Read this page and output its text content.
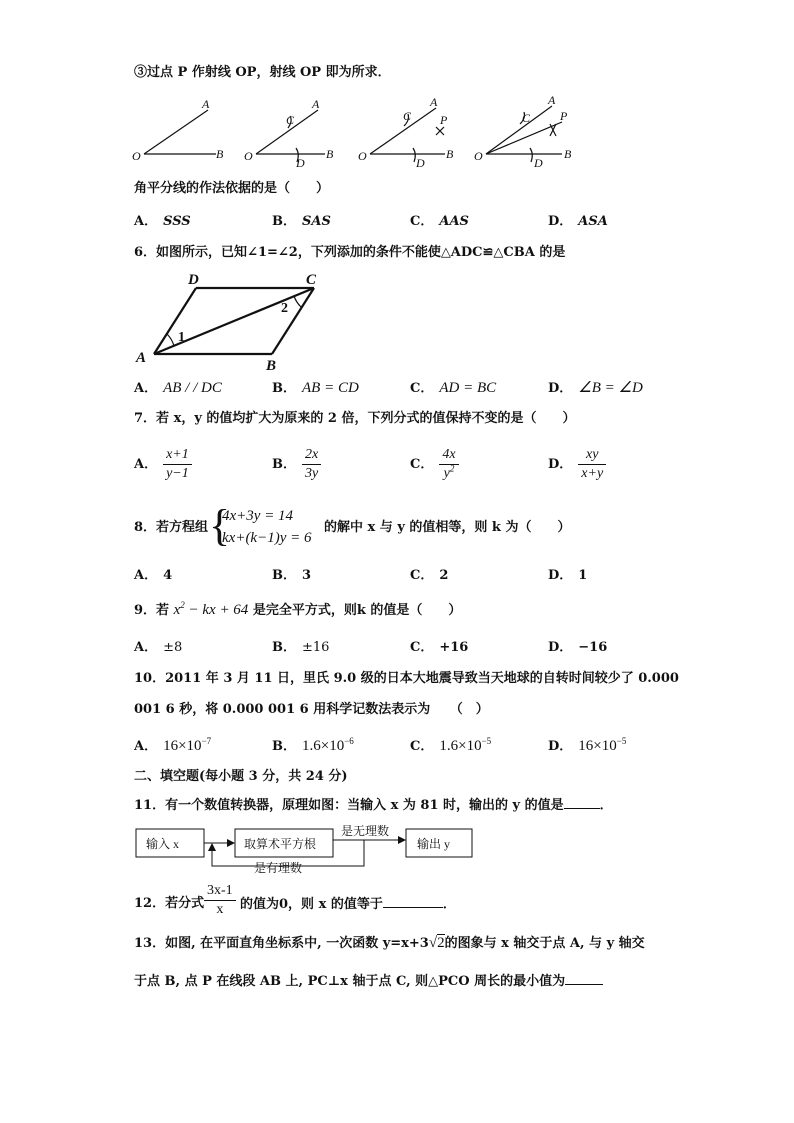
③过点 P 作射线 OP，射线 OP 即为所求．
O
A
B O
A
B
C
D	O
A
B
C
D
P
O
A
B
C
D
P
角平分线的作法依据的是（　　）
A． SSS	B． SAS	C． AAS	D． ASA
6．如图所示，已知∠1=∠2，下列添加的条件不能使△ADC≌△CBA 的是
A	B
C
D
1
2
A． AB / / DC	B． AB = CD	C． AD = BC	D． ∠B = ∠D
7．若 x，y 的值均扩大为原来的 2 倍，下列分式的值保持不变的是（　　）
A． $\frac{x+1}{y-1}$	B． $\frac{2x}{3y}$	C． $\frac{4x}{y^2}$	D． $\frac{xy}{x+y}$
8．若方程组 {
4x+3y = 14
kx+(k−1)y = 6
的解中 x 与 y 的值相等，则 k 为（　　）
A． 4	B． 3	C． 2	D． 1
9．若 $x^2$ − kx + 64 是完全平方式，则k 的值是（　　）
A． ±8	B． ±16	C． +16	D． −16
10．2011 年 3 月 11 日，里氏 9.0 级的日本大地震导致当天地球的自转时间较少了 0.000
001 6 秒，将 0.000 001 6 用科学记数法表示为　　（　）
A． $16\times 10^{-7}$	B． $1.6\times 10^{-6}$	C． $1.6\times 10^{-5}$	D． $16\times 10^{-5}$
二、填空题(每小题 3 分，共 24 分)
11．有一个数值转换器，原理如图：当输入 x 为 81 时，输出的 y 的值是	．
输入 x	取算术平方根
是无理数
输出 y
是有理数
12．若分式 $\frac{3x-1}{x}$ 的值为0，则 x 的值等于	．
13．如图, 在平面直角坐标系中, 一次函数 y=x+3√2的图象与 x 轴交于点 A, 与 y 轴交
于点 B, 点 P 在线段 AB 上, PC⊥x 轴于点 C, 则△PCO 周长的最小值为
